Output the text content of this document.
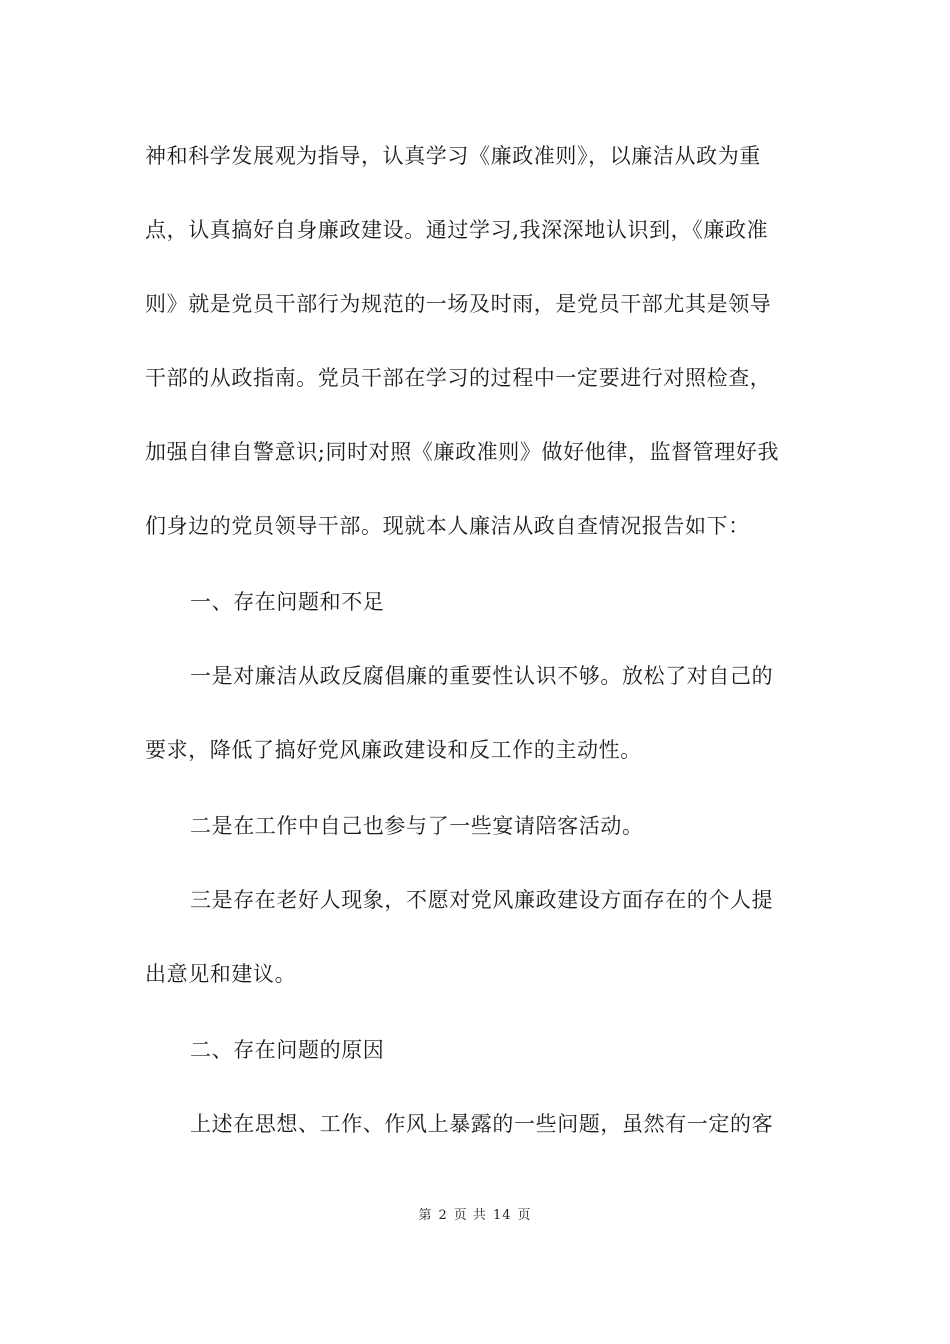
神和科学发展观为指导，认真学习《廉政准则》，以廉洁从政为重
点，认真搞好自身廉政建设。通过学习,我深深地认识到，《廉政准
则》就是党员干部行为规范的一场及时雨，是党员干部尤其是领导
干部的从政指南。党员干部在学习的过程中一定要进行对照检查，
加强自律自警意识;同时对照《廉政准则》做好他律，监督管理好我
们身边的党员领导干部。现就本人廉洁从政自查情况报告如下：
一、存在问题和不足
一是对廉洁从政反腐倡廉的重要性认识不够。放松了对自己的
要求，降低了搞好党风廉政建设和反工作的主动性。
二是在工作中自己也参与了一些宴请陪客活动。
三是存在老好人现象，不愿对党风廉政建设方面存在的个人提
出意见和建议。
二、存在问题的原因
上述在思想、工作、作风上暴露的一些问题，虽然有一定的客
第 2 页 共 14 页
